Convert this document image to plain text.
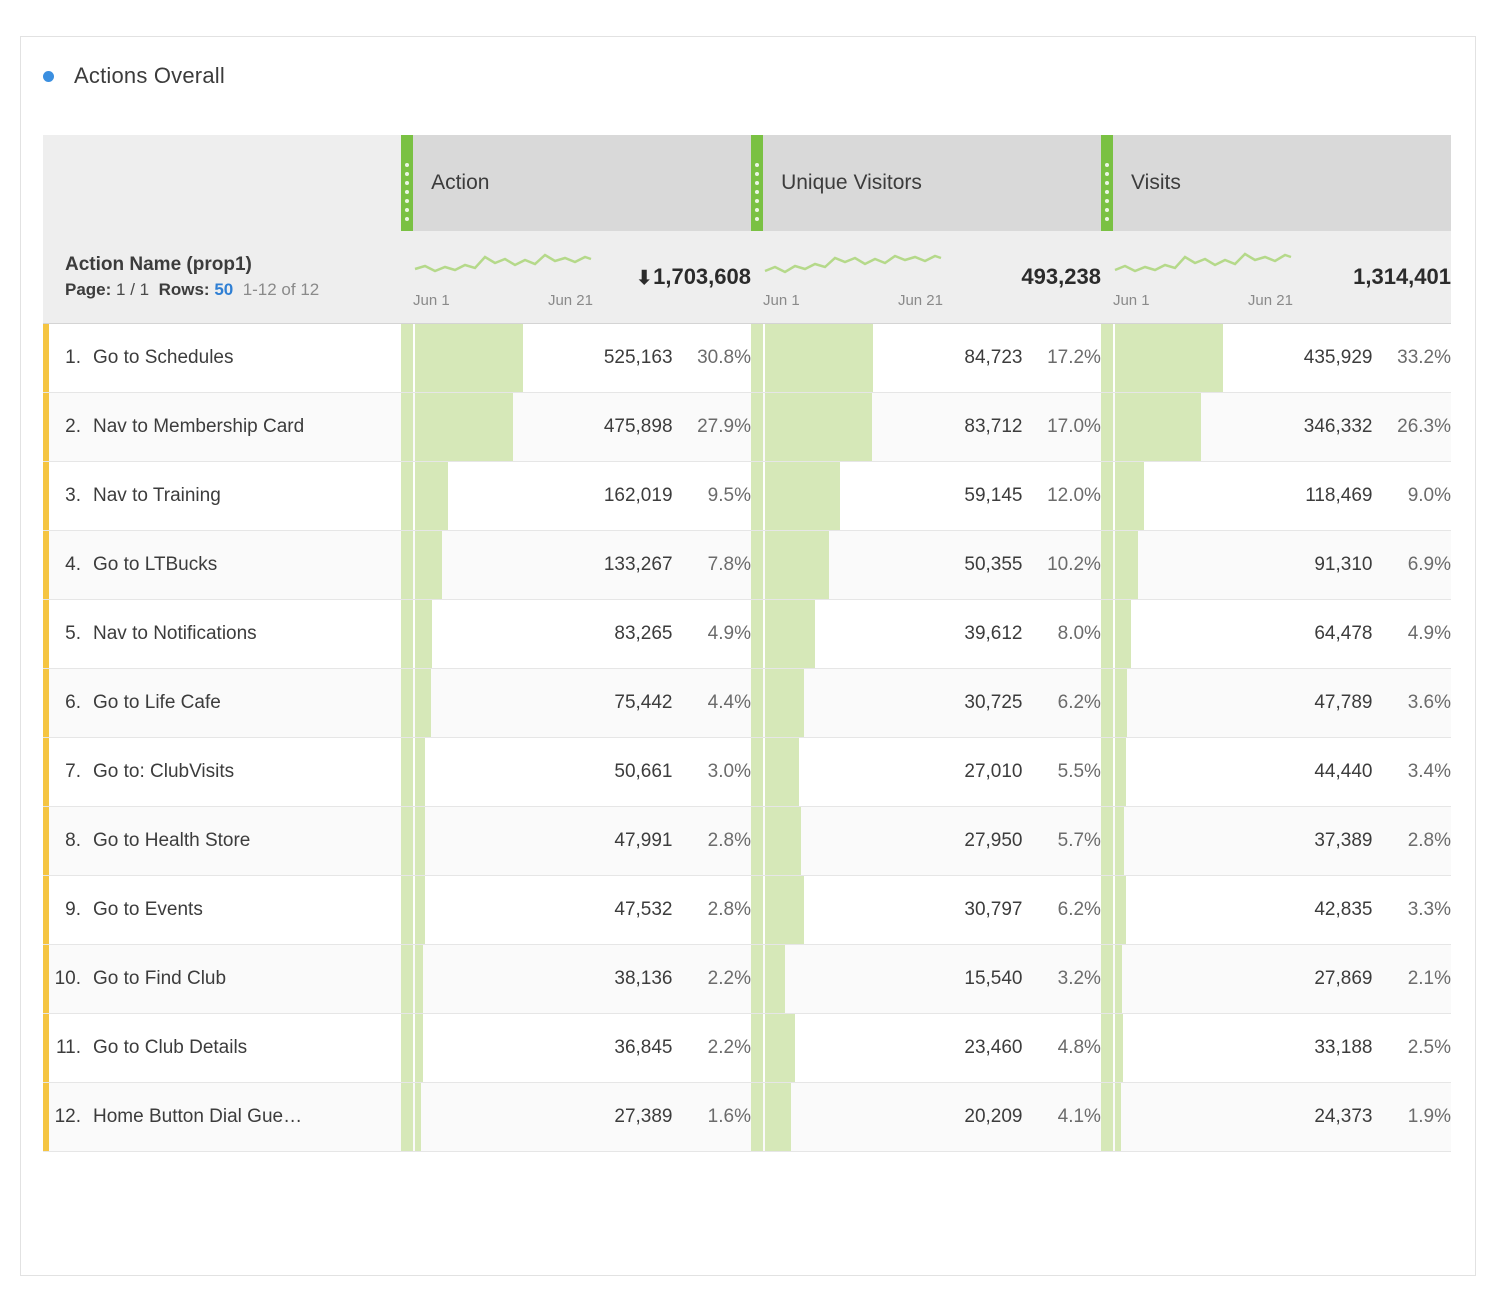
Actions Overall

		Action				Unique Visitors				Visits		

Action Name (prop1)
Page: 1 / 1 Rows: 50 1-12 of 12

Jun 1	Jun 21
	⬇1,703,608	
Jun 1	Jun 21
	493,238	
Jun 1	Jun 21
	1,314,401

1. Go to Schedules			525,163	30.8%			84,723	17.2%			435,929	33.2%

2. Nav to Membership Card			475,898	27.9%			83,712	17.0%			346,332	26.3%

3. Nav to Training			162,019	9.5%			59,145	12.0%			118,469	9.0%

4. Go to LTBucks			133,267	7.8%			50,355	10.2%			91,310	6.9%

5. Nav to Notifications			83,265	4.9%			39,612	8.0%			64,478	4.9%

6. Go to Life Cafe			75,442	4.4%			30,725	6.2%			47,789	3.6%

7. Go to: ClubVisits			50,661	3.0%			27,010	5.5%			44,440	3.4%

8. Go to Health Store			47,991	2.8%			27,950	5.7%			37,389	2.8%

9. Go to Events			47,532	2.8%			30,797	6.2%			42,835	3.3%

10. Go to Find Club			38,136	2.2%			15,540	3.2%			27,869	2.1%

11. Go to Club Details			36,845	2.2%			23,460	4.8%			33,188	2.5%

12. Home Button Dial Gue…			27,389	1.6%			20,209	4.1%			24,373	1.9%
